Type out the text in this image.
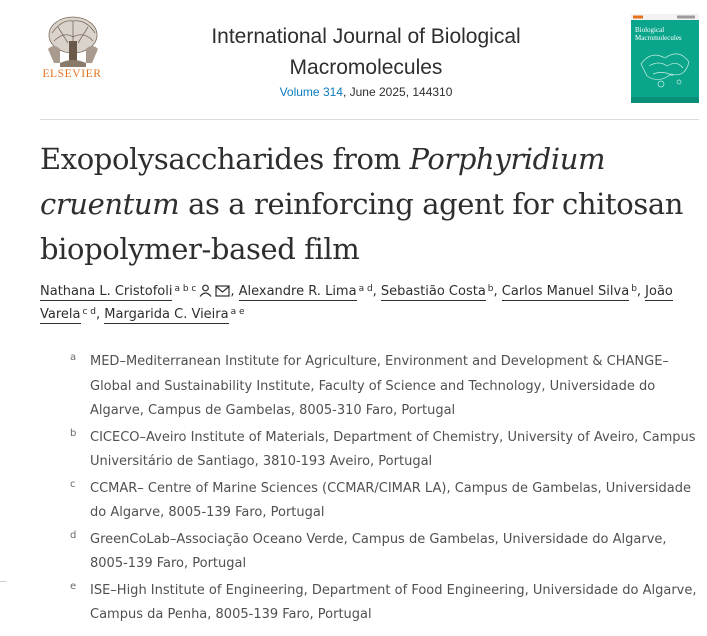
ELSEVIER
International Journal of Biological Macromolecules
Volume 314, June 2025, 144310
Biological Macromolecules
Exopolysaccharides from Porphyridium cruentum as a reinforcing agent for chitosan biopolymer-based film
Nathana L. Cristofoli $^{a b c}$	, Alexandre R. Lima $^{a d}$, Sebastião Costa $^b$, Carlos Manuel Silva $^b$, João Varela $^{c d}$, Margarida C. Vieira $^{a e}$
a MED–Mediterranean Institute for Agriculture, Environment and Development & CHANGE–Global and Sustainability Institute, Faculty of Science and Technology, Universidade do Algarve, Campus de Gambelas, 8005-310 Faro, Portugal
b CICECO–Aveiro Institute of Materials, Department of Chemistry, University of Aveiro, Campus Universitário de Santiago, 3810-193 Aveiro, Portugal
c CCMAR– Centre of Marine Sciences (CCMAR/CIMAR LA), Campus de Gambelas, Universidade do Algarve, 8005-139 Faro, Portugal
d GreenCoLab–Associação Oceano Verde, Campus de Gambelas, Universidade do Algarve, 8005-139 Faro, Portugal
e ISE–High Institute of Engineering, Department of Food Engineering, Universidade do Algarve, Campus da Penha, 8005-139 Faro, Portugal
